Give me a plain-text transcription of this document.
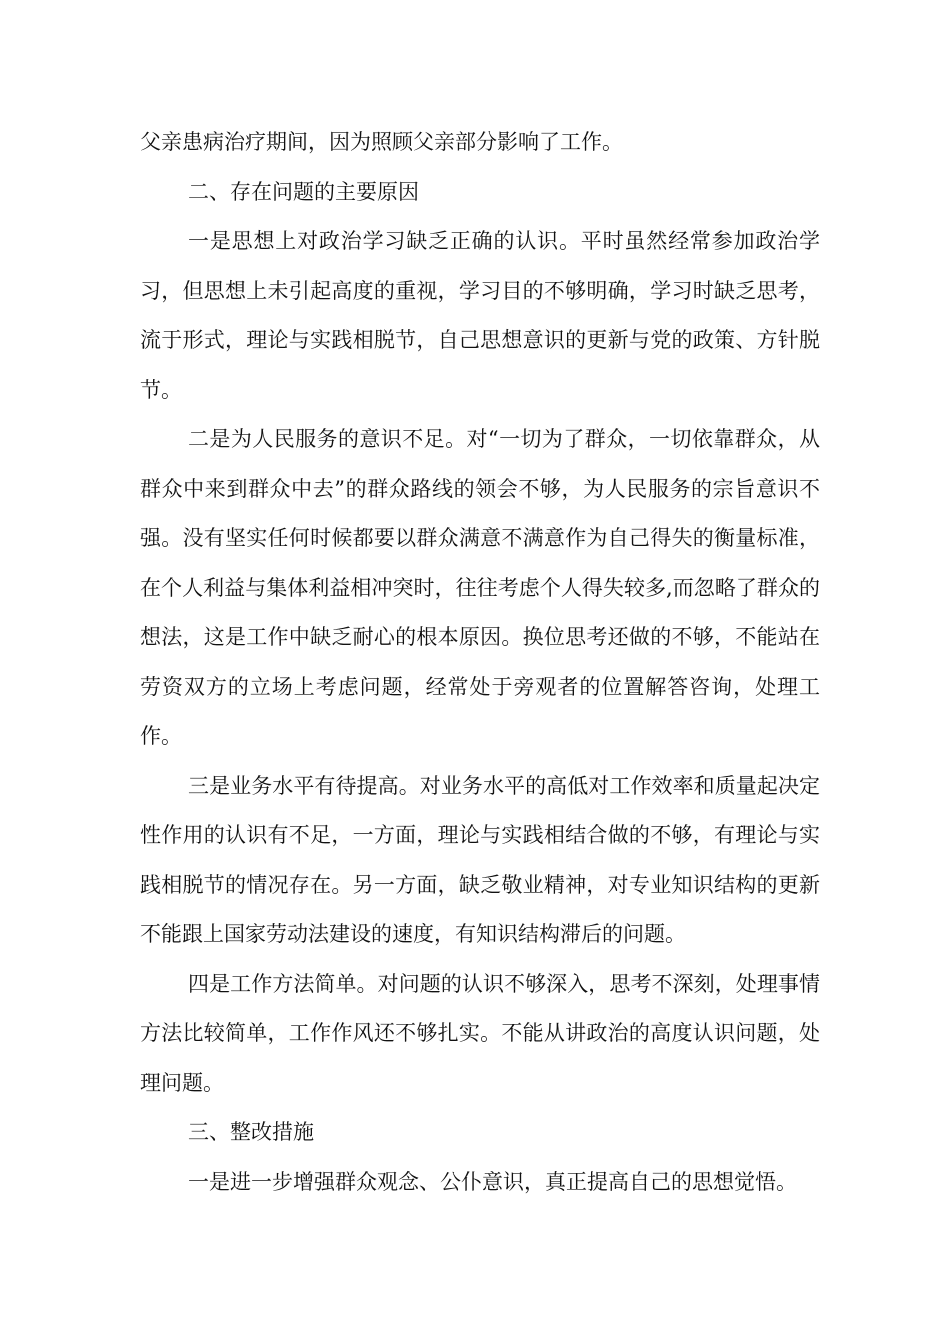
父亲患病治疗期间，因为照顾父亲部分影响了工作。

二、存在问题的主要原因

一是思想上对政治学习缺乏正确的认识。平时虽然经常参加政治学习，但思想上未引起高度的重视，学习目的不够明确，学习时缺乏思考，流于形式，理论与实践相脱节，自己思想意识的更新与党的政策、方针脱节。

二是为人民服务的意识不足。对“一切为了群众，一切依靠群众，从群众中来到群众中去”的群众路线的领会不够，为人民服务的宗旨意识不强。没有坚实任何时候都要以群众满意不满意作为自己得失的衡量标准，在个人利益与集体利益相冲突时，往往考虑个人得失较多,而忽略了群众的想法，这是工作中缺乏耐心的根本原因。换位思考还做的不够，不能站在劳资双方的立场上考虑问题，经常处于旁观者的位置解答咨询，处理工作。

三是业务水平有待提高。对业务水平的高低对工作效率和质量起决定性作用的认识有不足，一方面，理论与实践相结合做的不够，有理论与实践相脱节的情况存在。另一方面，缺乏敬业精神，对专业知识结构的更新不能跟上国家劳动法建设的速度，有知识结构滞后的问题。

四是工作方法简单。对问题的认识不够深入，思考不深刻，处理事情方法比较简单，工作作风还不够扎实。不能从讲政治的高度认识问题，处理问题。

三、整改措施

一是进一步增强群众观念、公仆意识，真正提高自己的思想觉悟。
